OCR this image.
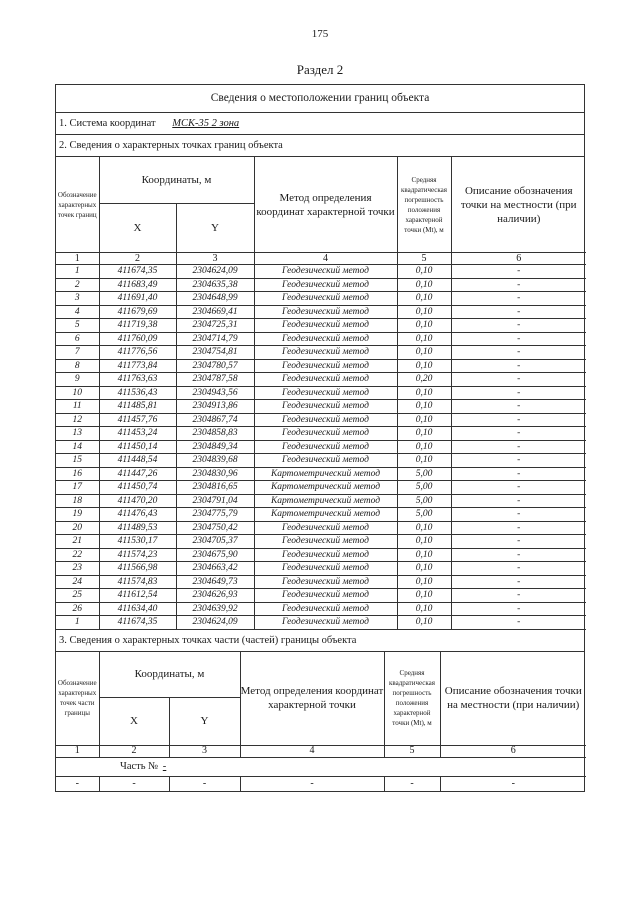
175
Раздел 2
Сведения о местоположении границ объекта
1. Система координат МСК-35 2 зона
2. Сведения о характерных точках границ объекта
Обозначение характерных точек границ	Координаты, м		Метод определения координат характерной точки	Средняя квадратическая погрешность положения характерной точки (Мt), м	Описание обозначения точки на местности (при наличии)
	X	Y			
1	2	3	4	5	6
1	411674,35	2304624,09	Геодезический метод	0,10	-
2	411683,49	2304635,38	Геодезический метод	0,10	-
3	411691,40	2304648,99	Геодезический метод	0,10	-
4	411679,69	2304669,41	Геодезический метод	0,10	-
5	411719,38	2304725,31	Геодезический метод	0,10	-
6	411760,09	2304714,79	Геодезический метод	0,10	-
7	411776,56	2304754,81	Геодезический метод	0,10	-
8	411773,84	2304780,57	Геодезический метод	0,10	-
9	411763,63	2304787,58	Геодезический метод	0,20	-
10	411536,43	2304943,56	Геодезический метод	0,10	-
11	411485,81	2304913,86	Геодезический метод	0,10	-
12	411457,76	2304867,74	Геодезический метод	0,10	-
13	411453,24	2304858,83	Геодезический метод	0,10	-
14	411450,14	2304849,34	Геодезический метод	0,10	-
15	411448,54	2304839,68	Геодезический метод	0,10	-
16	411447,26	2304830,96	Картометрический метод	5,00	-
17	411450,74	2304816,65	Картометрический метод	5,00	-
18	411470,20	2304791,04	Картометрический метод	5,00	-
19	411476,43	2304775,79	Картометрический метод	5,00	-
20	411489,53	2304750,42	Геодезический метод	0,10	-
21	411530,17	2304705,37	Геодезический метод	0,10	-
22	411574,23	2304675,90	Геодезический метод	0,10	-
23	411566,98	2304663,42	Геодезический метод	0,10	-
24	411574,83	2304649,73	Геодезический метод	0,10	-
25	411612,54	2304626,93	Геодезический метод	0,10	-
26	411634,40	2304639,92	Геодезический метод	0,10	-
1	411674,35	2304624,09	Геодезический метод	0,10	-
3. Сведения о характерных точках части (частей) границы объекта
Обозначение характерных точек части границы	Координаты, м		Метод определения координат характерной точки	Средняя квадратическая погрешность положения характерной точки (Мt), м	Описание обозначения точки на местности (при наличии)
	X	Y			
1	2	3	4	5	6
Часть № -					
-	-	-	-	-	-
